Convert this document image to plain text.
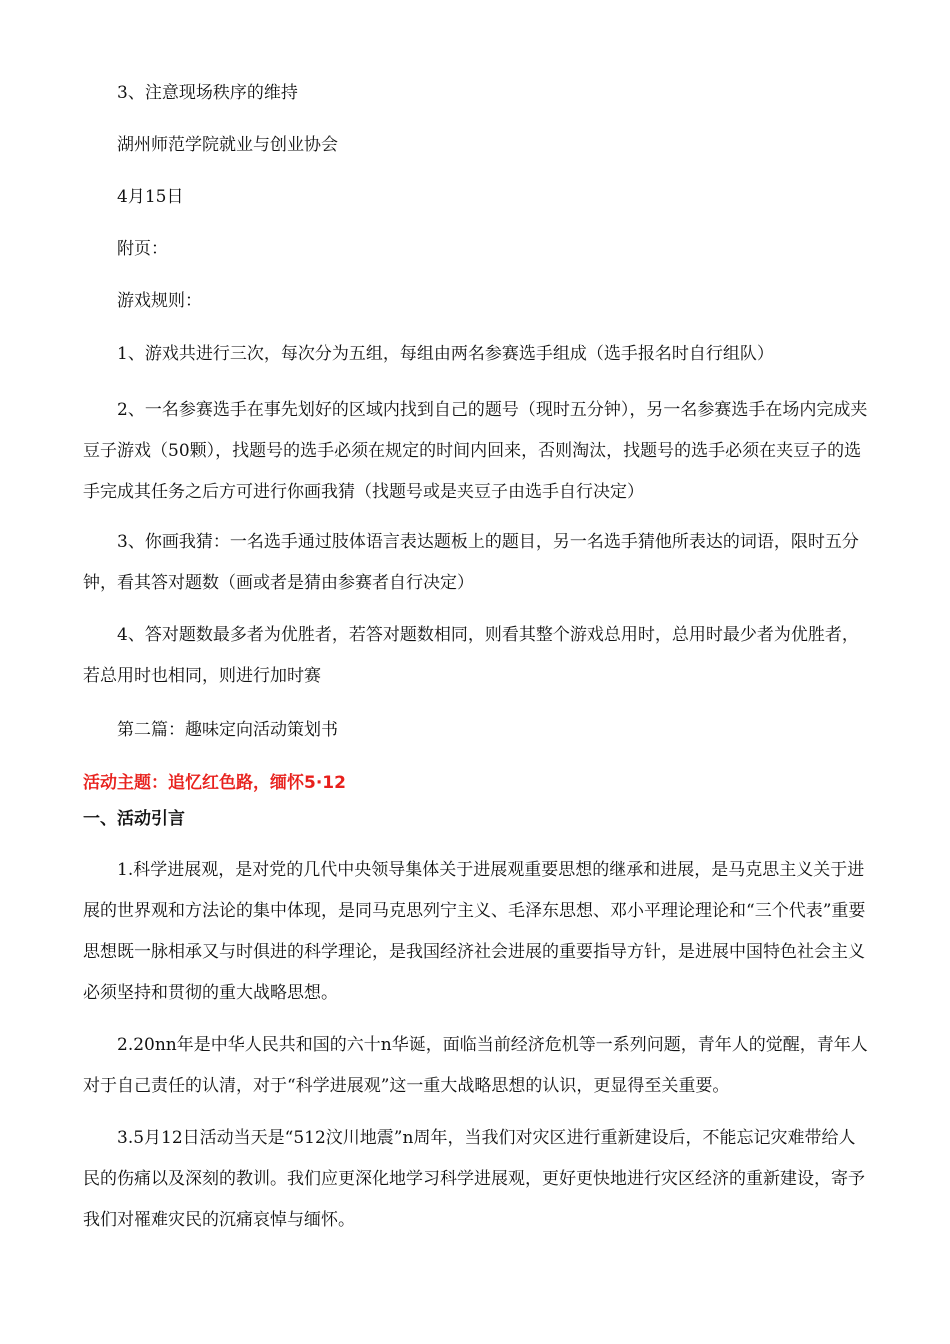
3、注意现场秩序的维持

湖州师范学院就业与创业协会

4月15日

附页：

游戏规则：

1、游戏共进行三次，每次分为五组，每组由两名参赛选手组成（选手报名时自行组队）

2、一名参赛选手在事先划好的区域内找到自己的题号（现时五分钟），另一名参赛选手在场内完成夹豆子游戏（50颗），找题号的选手必须在规定的时间内回来，否则淘汰，找题号的选手必须在夹豆子的选手完成其任务之后方可进行你画我猜（找题号或是夹豆子由选手自行决定）

3、你画我猜：一名选手通过肢体语言表达题板上的题目，另一名选手猜他所表达的词语，限时五分钟，看其答对题数（画或者是猜由参赛者自行决定）

4、答对题数最多者为优胜者，若答对题数相同，则看其整个游戏总用时，总用时最少者为优胜者，若总用时也相同，则进行加时赛

第二篇：趣味定向活动策划书

活动主题：追忆红色路，缅怀5·12
一、活动引言

1.科学进展观，是对党的几代中央领导集体关于进展观重要思想的继承和进展，是马克思主义关于进展的世界观和方法论的集中体现，是同马克思列宁主义、毛泽东思想、邓小平理论理论和“三个代表”重要思想既一脉相承又与时俱进的科学理论，是我国经济社会进展的重要指导方针，是进展中国特色社会主义必须坚持和贯彻的重大战略思想。

2.20nn年是中华人民共和国的六十n华诞，面临当前经济危机等一系列问题，青年人的觉醒，青年人对于自己责任的认清，对于“科学进展观”这一重大战略思想的认识，更显得至关重要。

3.5月12日活动当天是“512汶川地震”n周年，当我们对灾区进行重新建设后，不能忘记灾难带给人民的伤痛以及深刻的教训。我们应更深化地学习科学进展观，更好更快地进行灾区经济的重新建设，寄予我们对罹难灾民的沉痛哀悼与缅怀。
